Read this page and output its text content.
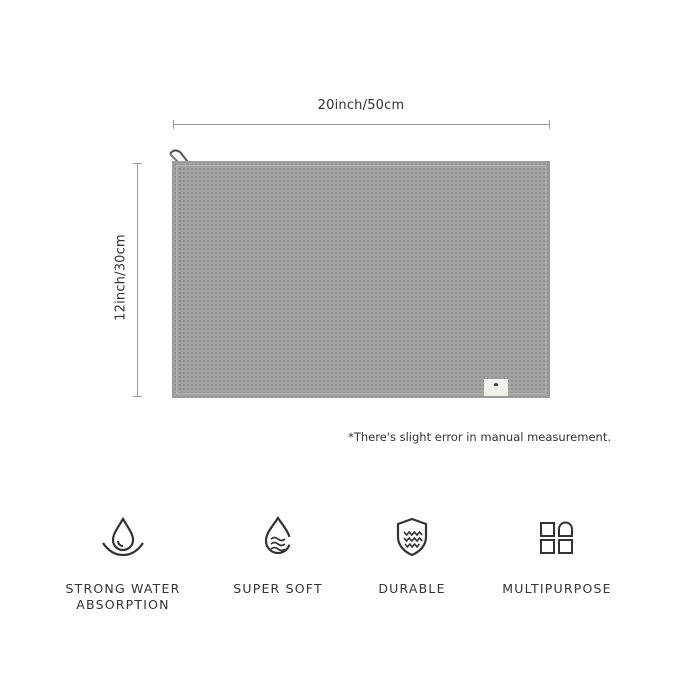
20inch/50cm
12inch/30cm
*There's slight error in manual measurement.
STRONG WATER
ABSORPTION
SUPER SOFT	DURABLE	MULTIPURPOSE
